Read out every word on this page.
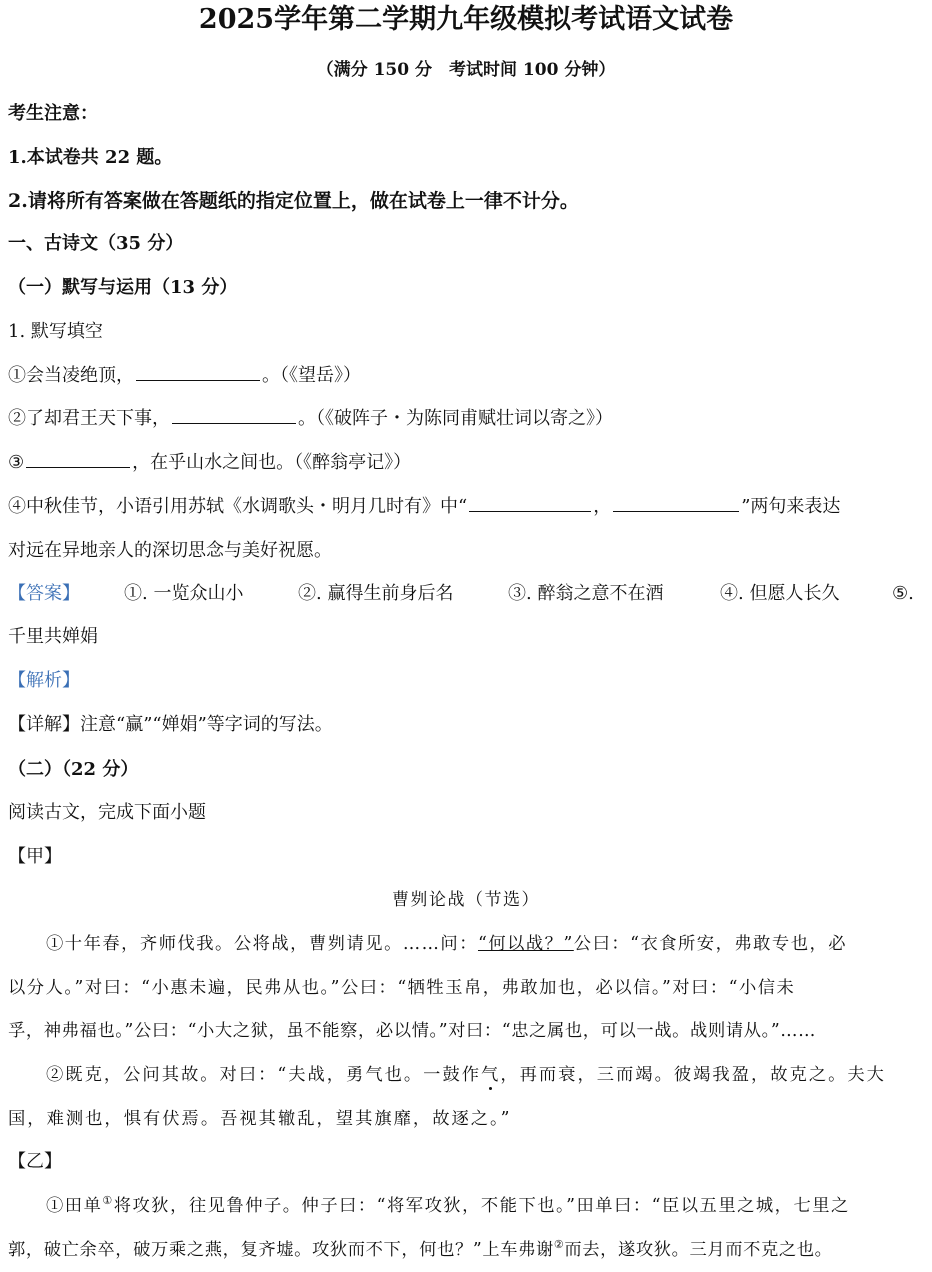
2025学年第二学期九年级模拟考试语文试卷
（满分 150 分　考试时间 100 分钟）
考生注意：
1.本试卷共 22 题。
2.请将所有答案做在答题纸的指定位置上，做在试卷上一律不计分。
一、古诗文（35 分）
（一）默写与运用（13 分）
1. 默写填空
①会当凌绝顶，	。（《望岳》）
②了却君王天下事，	。（《破阵子・为陈同甫赋壮词以寄之》）
③	，在乎山水之间也。（《醉翁亭记》）
④中秋佳节，小语引用苏轼《水调歌头・明月几时有》中“	，	”两句来表达
对远在异地亲人的深切思念与美好祝愿。
【答案】 ①. 一览众山小	②. 赢得生前身后名	③. 醉翁之意不在酒	④. 但愿人长久	⑤.
千里共婵娟
【解析】
【详解】注意“赢”“婵娟”等字词的写法。
（二）（22 分）
阅读古文，完成下面小题
【甲】
曹刿论战（节选）
①十年春，齐师伐我。公将战，曹刿请见。……问：“何以战？”公曰：“衣食所安，弗敢专也，必
以分人。”对曰：“小惠未遍，民弗从也。”公曰：“牺牲玉帛，弗敢加也，必以信。”对曰：“小信未
孚，神弗福也。”公曰：“小大之狱，虽不能察，必以情。”对曰：“忠之属也，可以一战。战则请从。”……
②既克，公问其故。对曰：“夫战，勇气也。一鼓作气，再而衰，三而竭。彼竭我盈，故克之。夫大
国，难测也，惧有伏焉。吾视其辙乱，望其旗靡，故逐之。”
【乙】
①田单①将攻狄，往见鲁仲子。仲子曰：“将军攻狄，不能下也。”田单曰：“臣以五里之城，七里之
郭，破亡余卒，破万乘之燕，复齐墟。攻狄而不下，何也？”上车弗谢②而去，遂攻狄。三月而不克之也。
